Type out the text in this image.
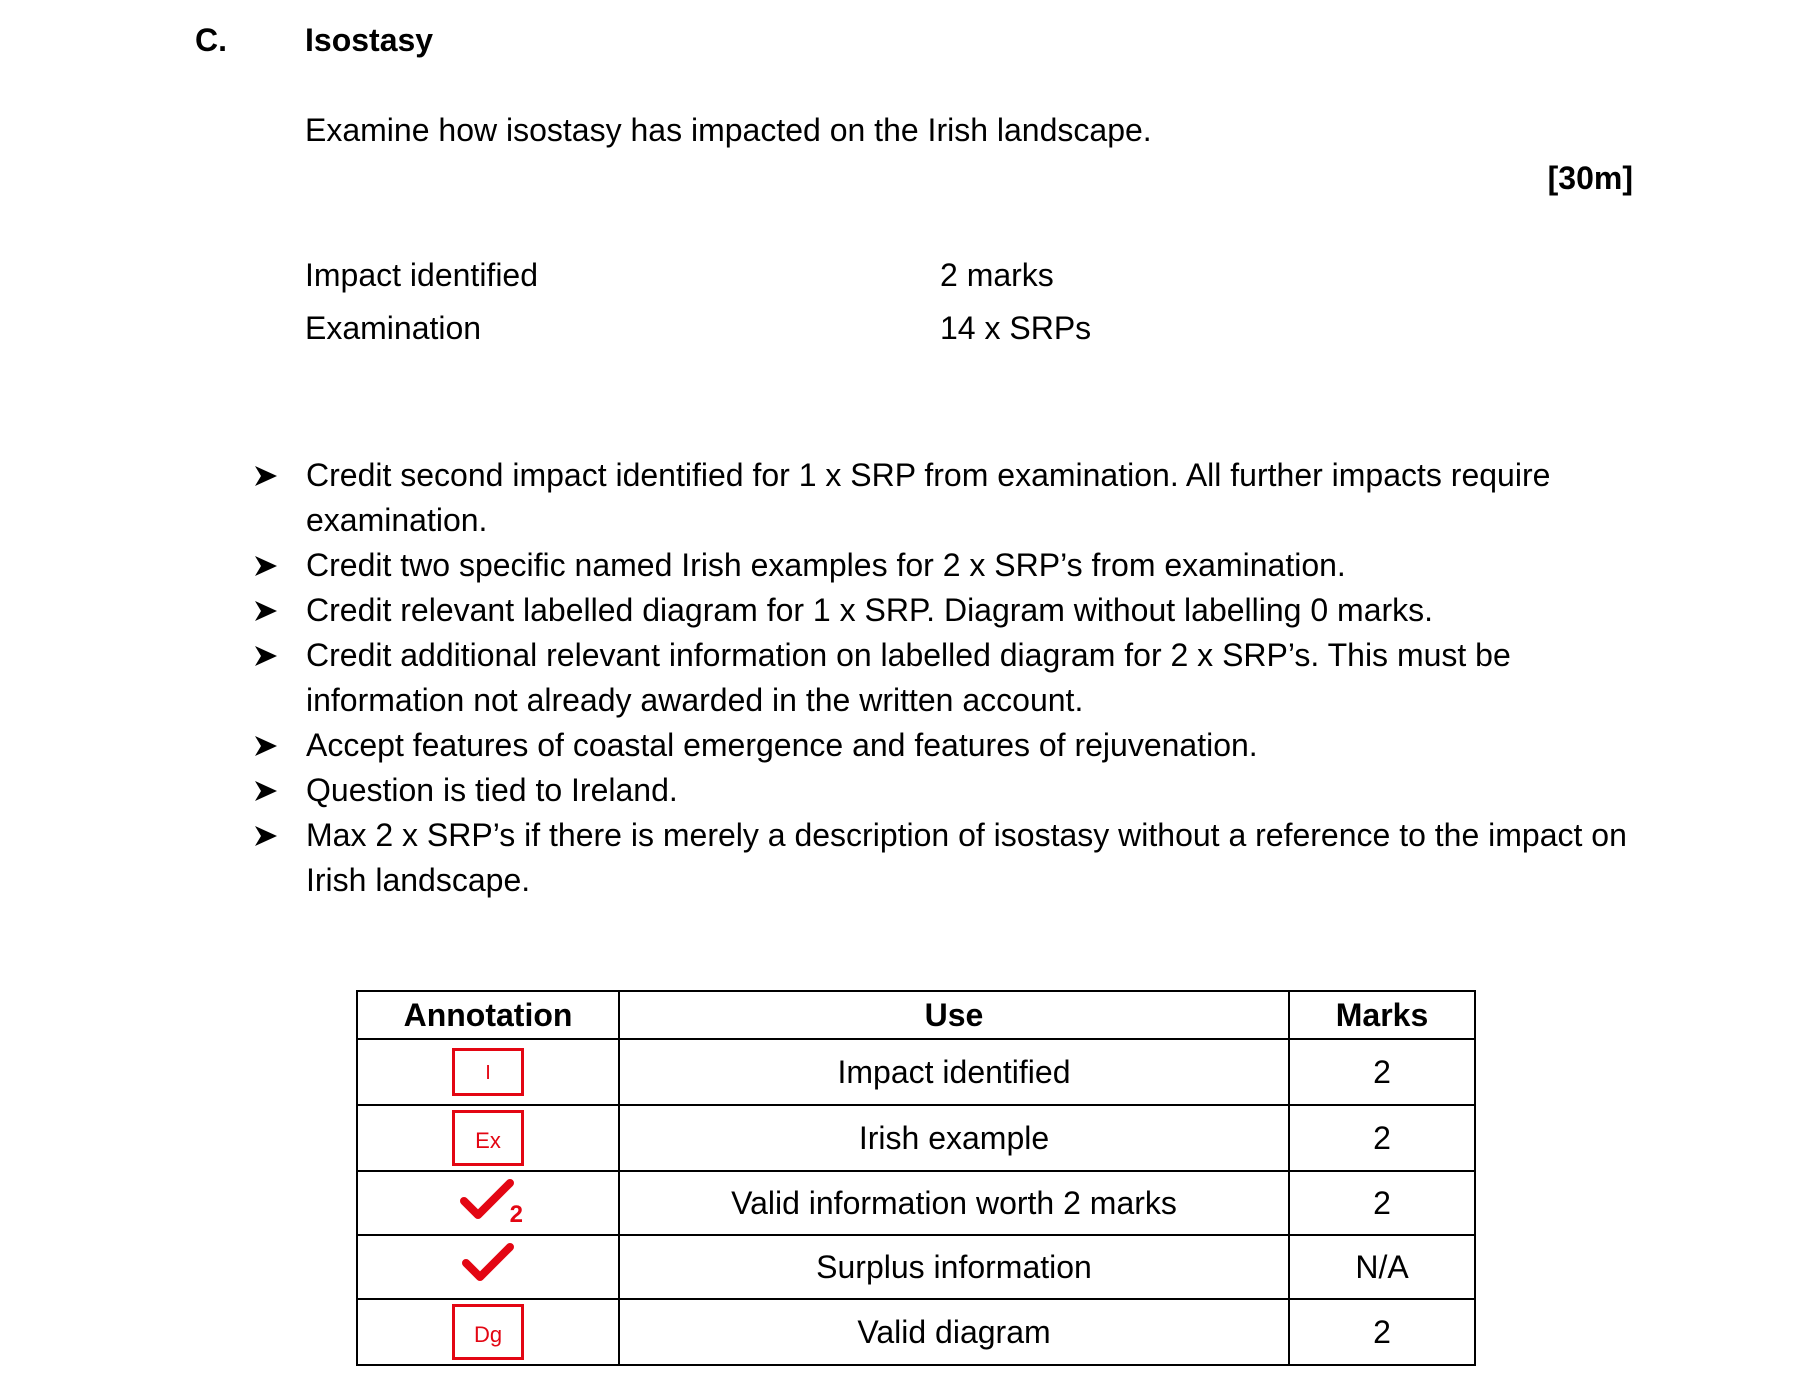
C. Isostasy
Examine how isostasy has impacted on the Irish landscape.
[30m]
Impact identified	2 marks
Examination	14 x SRPs
Credit second impact identified for 1 x SRP from examination. All further impacts require examination.
Credit two specific named Irish examples for 2 x SRP’s from examination.
Credit relevant labelled diagram for 1 x SRP. Diagram without labelling 0 marks.
Credit additional relevant information on labelled diagram for 2 x SRP’s. This must be information not already awarded in the written account.
Accept features of coastal emergence and features of rejuvenation.
Question is tied to Ireland.
Max 2 x SRP’s if there is merely a description of isostasy without a reference to the impact on Irish landscape.
Annotation	Use	Marks
I	Impact identified	2
Ex	Irish example	2

2	Valid information worth 2 marks	2
	Surplus information	N/A
Dg	Valid diagram	2
